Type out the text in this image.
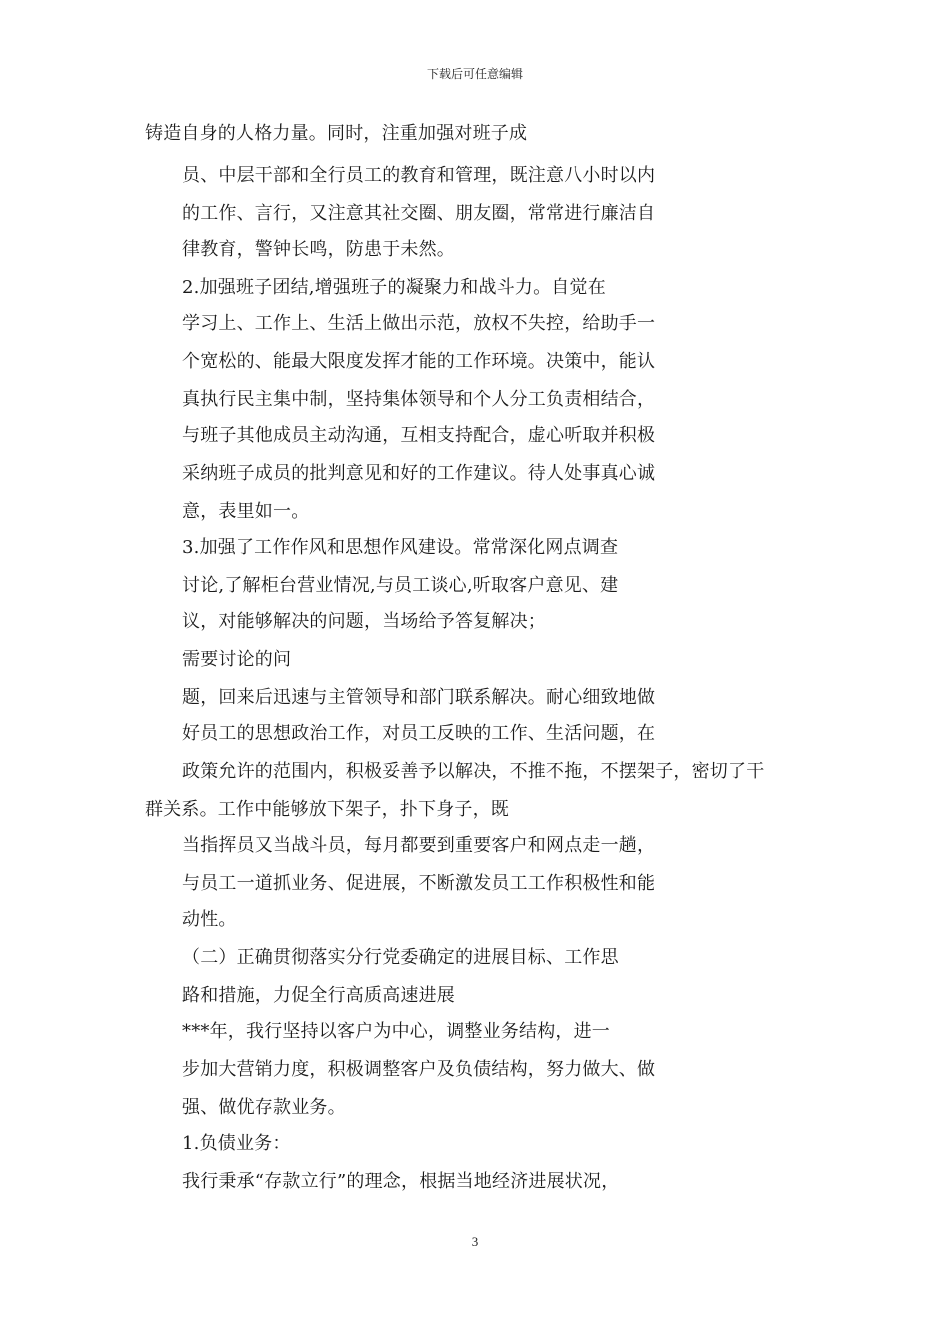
下载后可任意编辑
铸造自身的人格力量。同时，注重加强对班子成
员、中层干部和全行员工的教育和管理，既注意八小时以内
的工作、言行，又注意其社交圈、朋友圈，常常进行廉洁自
律教育，警钟长鸣，防患于未然。
2.加强班子团结,增强班子的凝聚力和战斗力。自觉在
学习上、工作上、生活上做出示范，放权不失控，给助手一
个宽松的、能最大限度发挥才能的工作环境。决策中，能认
真执行民主集中制，坚持集体领导和个人分工负责相结合，
与班子其他成员主动沟通，互相支持配合，虚心听取并积极
采纳班子成员的批判意见和好的工作建议。待人处事真心诚
意，表里如一。
3.加强了工作作风和思想作风建设。常常深化网点调查
讨论,了解柜台营业情况,与员工谈心,听取客户意见、建
议，对能够解决的问题，当场给予答复解决；
需要讨论的问
题，回来后迅速与主管领导和部门联系解决。耐心细致地做
好员工的思想政治工作，对员工反映的工作、生活问题，在
政策允许的范围内，积极妥善予以解决，不推不拖，不摆架子，密切了干
群关系。工作中能够放下架子，扑下身子，既
当指挥员又当战斗员，每月都要到重要客户和网点走一趟，
与员工一道抓业务、促进展，不断激发员工工作积极性和能
动性。
（二）正确贯彻落实分行党委确定的进展目标、工作思
路和措施，力促全行高质高速进展
***年，我行坚持以客户为中心，调整业务结构，进一
步加大营销力度，积极调整客户及负债结构，努力做大、做
强、做优存款业务。
1.负债业务：
我行秉承“存款立行”的理念，根据当地经济进展状况，
3
